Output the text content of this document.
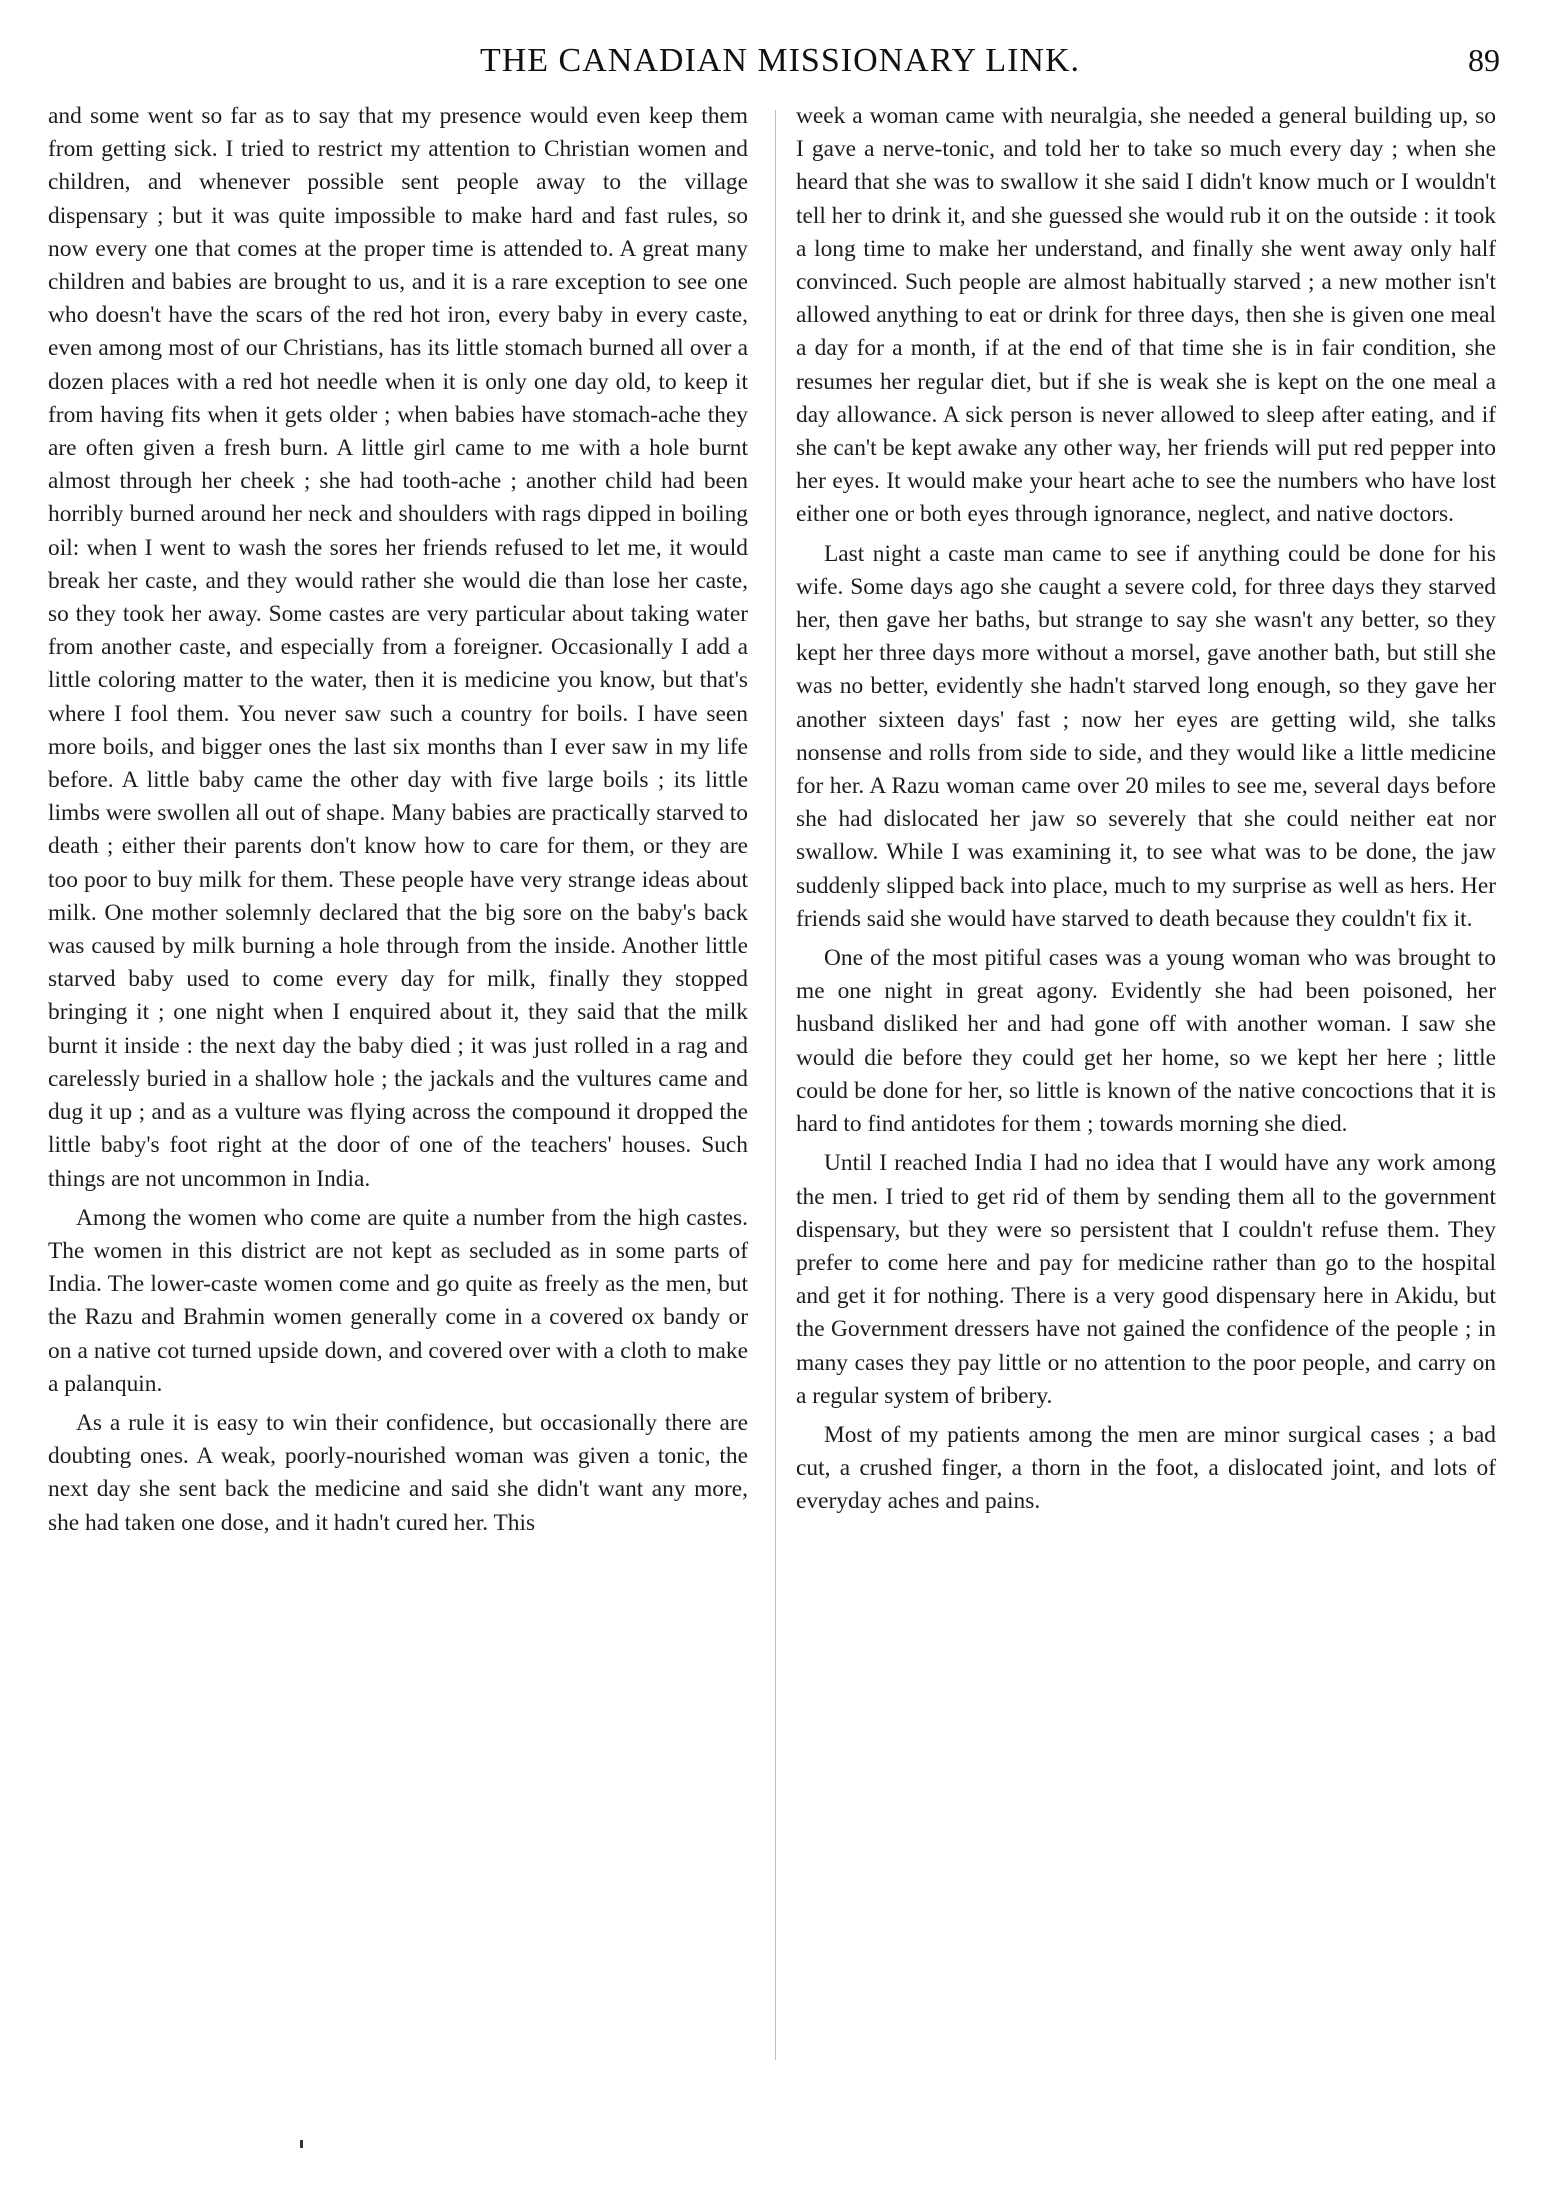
THE CANADIAN MISSIONARY LINK.	89

and some went so far as to say that my presence would even keep them from getting sick. I tried to restrict my attention to Christian women and children, and whenever possible sent people away to the village dispensary ; but it was quite impossible to make hard and fast rules, so now every one that comes at the proper time is attended to. A great many children and babies are brought to us, and it is a rare exception to see one who doesn't have the scars of the red hot iron, every baby in every caste, even among most of our Christians, has its little stomach burned all over a dozen places with a red hot needle when it is only one day old, to keep it from having fits when it gets older ; when babies have stomach-ache they are often given a fresh burn. A little girl came to me with a hole burnt almost through her cheek ; she had tooth-ache ; another child had been horribly burned around her neck and shoulders with rags dipped in boiling oil: when I went to wash the sores her friends refused to let me, it would break her caste, and they would rather she would die than lose her caste, so they took her away. Some castes are very particular about taking water from another caste, and especially from a foreigner. Occasionally I add a little coloring matter to the water, then it is medicine you know, but that's where I fool them. You never saw such a country for boils. I have seen more boils, and bigger ones the last six months than I ever saw in my life before. A little baby came the other day with five large boils ; its little limbs were swollen all out of shape. Many babies are practically starved to death ; either their parents don't know how to care for them, or they are too poor to buy milk for them. These people have very strange ideas about milk. One mother solemnly declared that the big sore on the baby's back was caused by milk burning a hole through from the inside. Another little starved baby used to come every day for milk, finally they stopped bringing it ; one night when I enquired about it, they said that the milk burnt it inside : the next day the baby died ; it was just rolled in a rag and carelessly buried in a shallow hole ; the jackals and the vultures came and dug it up ; and as a vulture was flying across the compound it dropped the little baby's foot right at the door of one of the teachers' houses. Such things are not uncommon in India.

Among the women who come are quite a number from the high castes. The women in this district are not kept as secluded as in some parts of India. The lower-caste women come and go quite as freely as the men, but the Razu and Brahmin women generally come in a covered ox bandy or on a native cot turned upside down, and covered over with a cloth to make a palanquin.

As a rule it is easy to win their confidence, but occasionally there are doubting ones. A weak, poorly-nourished woman was given a tonic, the next day she sent back the medicine and said she didn't want any more, she had taken one dose, and it hadn't cured her. This

week a woman came with neuralgia, she needed a general building up, so I gave a nerve-tonic, and told her to take so much every day ; when she heard that she was to swallow it she said I didn't know much or I wouldn't tell her to drink it, and she guessed she would rub it on the outside : it took a long time to make her understand, and finally she went away only half convinced. Such people are almost habitually starved ; a new mother isn't allowed anything to eat or drink for three days, then she is given one meal a day for a month, if at the end of that time she is in fair condition, she resumes her regular diet, but if she is weak she is kept on the one meal a day allowance. A sick person is never allowed to sleep after eating, and if she can't be kept awake any other way, her friends will put red pepper into her eyes. It would make your heart ache to see the numbers who have lost either one or both eyes through ignorance, neglect, and native doctors.

Last night a caste man came to see if anything could be done for his wife. Some days ago she caught a severe cold, for three days they starved her, then gave her baths, but strange to say she wasn't any better, so they kept her three days more without a morsel, gave another bath, but still she was no better, evidently she hadn't starved long enough, so they gave her another sixteen days' fast ; now her eyes are getting wild, she talks nonsense and rolls from side to side, and they would like a little medicine for her. A Razu woman came over 20 miles to see me, several days before she had dislocated her jaw so severely that she could neither eat nor swallow. While I was examining it, to see what was to be done, the jaw suddenly slipped back into place, much to my surprise as well as hers. Her friends said she would have starved to death because they couldn't fix it.

One of the most pitiful cases was a young woman who was brought to me one night in great agony. Evidently she had been poisoned, her husband disliked her and had gone off with another woman. I saw she would die before they could get her home, so we kept her here ; little could be done for her, so little is known of the native concoctions that it is hard to find antidotes for them ; towards morning she died.

Until I reached India I had no idea that I would have any work among the men. I tried to get rid of them by sending them all to the government dispensary, but they were so persistent that I couldn't refuse them. They prefer to come here and pay for medicine rather than go to the hospital and get it for nothing. There is a very good dispensary here in Akidu, but the Government dressers have not gained the confidence of the people ; in many cases they pay little or no attention to the poor people, and carry on a regular system of bribery.

Most of my patients among the men are minor surgical cases ; a bad cut, a crushed finger, a thorn in the foot, a dislocated joint, and lots of everyday aches and pains.
